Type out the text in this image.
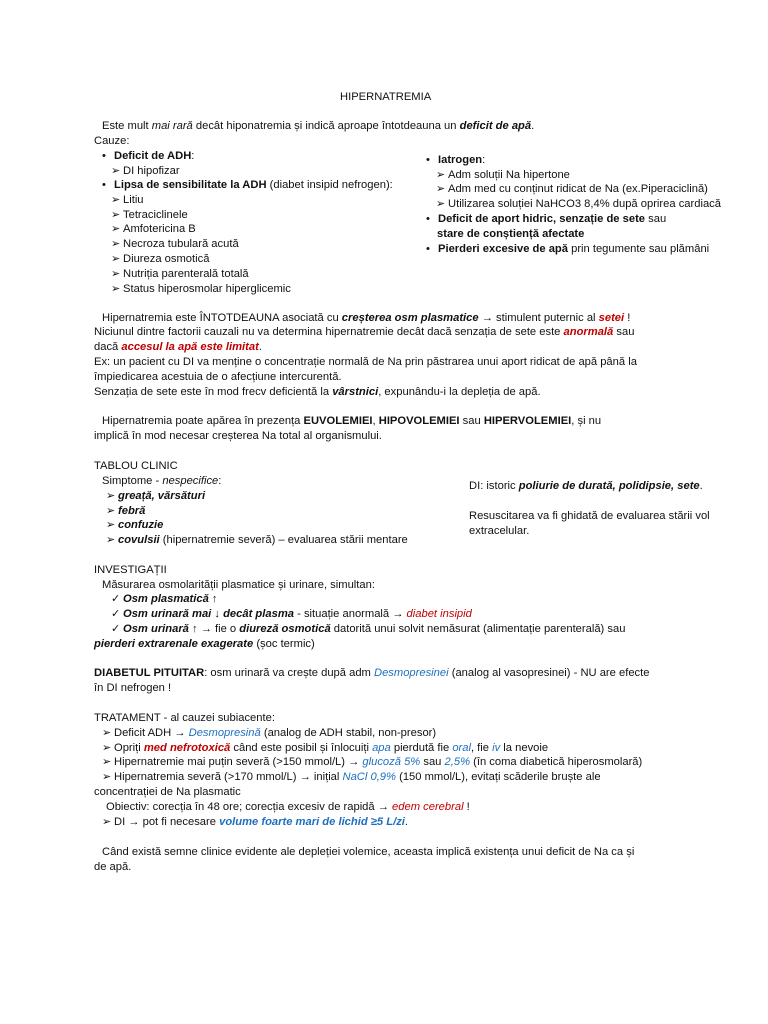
HIPERNATREMIA
Este mult mai rară decât hiponatremia și indică aproape întotdeauna un deficit de apă.
Cauze:
• Deficit de ADH:
➢ DI hipofizar
• Lipsa de sensibilitate la ADH (diabet insipid nefrogen):
➢ Litiu
➢ Tetraciclinele
➢ Amfotericina B
➢ Necroza tubulară acută
➢ Diureza osmotică
➢ Nutriția parenterală totală
➢ Status hiperosmolar hiperglicemic
• Iatrogen:
➢ Adm soluții Na hipertone
➢ Adm med cu conținut ridicat de Na (ex.Piperaciclină)
➢ Utilizarea soluției NaHCO3 8,4% după oprirea cardiacă
• Deficit de aport hidric, senzație de sete sau
stare de conștiență afectate
• Pierderi excesive de apă prin tegumente sau plămâni
Hipernatremia este ÎNTOTDEAUNA asociată cu creșterea osm plasmatice → stimulent puternic al setei !
Niciunul dintre factorii cauzali nu va determina hipernatremie decât dacă senzația de sete este anormală sau
dacă accesul la apă este limitat.
Ex: un pacient cu DI va menține o concentrație normală de Na prin păstrarea unui aport ridicat de apă până la
împiedicarea acestuia de o afecțiune intercurentă.
Senzația de sete este în mod frecv deficientă la vârstnici, expunându-i la depleția de apă.
Hipernatremia poate apărea în prezența EUVOLEMIEI, HIPOVOLEMIEI sau HIPERVOLEMIEI, și nu
implică în mod necesar creșterea Na total al organismului.
TABLOU CLINIC
Simptome - nespecifice:
➢ greață, vărsături
➢ febră
➢ confuzie
➢ covulsii (hipernatremie severă) – evaluarea stării mentare
DI: istoric poliurie de durată, polidipsie, sete.
Resuscitarea va fi ghidată de evaluarea stării vol
extracelular.
INVESTIGAȚII
Măsurarea osmolarității plasmatice și urinare, simultan:
✓ Osm plasmatică ↑
✓ Osm urinară mai ↓ decât plasma - situație anormală → diabet insipid
✓ Osm urinară ↑ → fie o diureză osmotică datorită unui solvit nemăsurat (alimentație parenterală) sau
pierderi extrarenale exagerate (șoc termic)
DIABETUL PITUITAR: osm urinară va crește după adm Desmopresinei (analog al vasopresinei) - NU are efecte
în DI nefrogen !
TRATAMENT - al cauzei subiacente:
➢ Deficit ADH → Desmopresină (analog de ADH stabil, non-presor)
➢ Opriți med nefrotoxică când este posibil și înlocuiți apa pierdută fie oral, fie iv la nevoie
➢ Hipernatremie mai puțin severă (>150 mmol/L) → glucoză 5% sau 2,5% (în coma diabetică hiperosmolară)
➢ Hipernatremia severă (>170 mmol/L) → inițial NaCl 0,9% (150 mmol/L), evitați scăderile bruște ale
concentrației de Na plasmatic
Obiectiv: corecția în 48 ore; corecția excesiv de rapidă → edem cerebral !
➢ DI → pot fi necesare volume foarte mari de lichid ≥5 L/zi.
Când există semne clinice evidente ale depleției volemice, aceasta implică existența unui deficit de Na ca și
de apă.
